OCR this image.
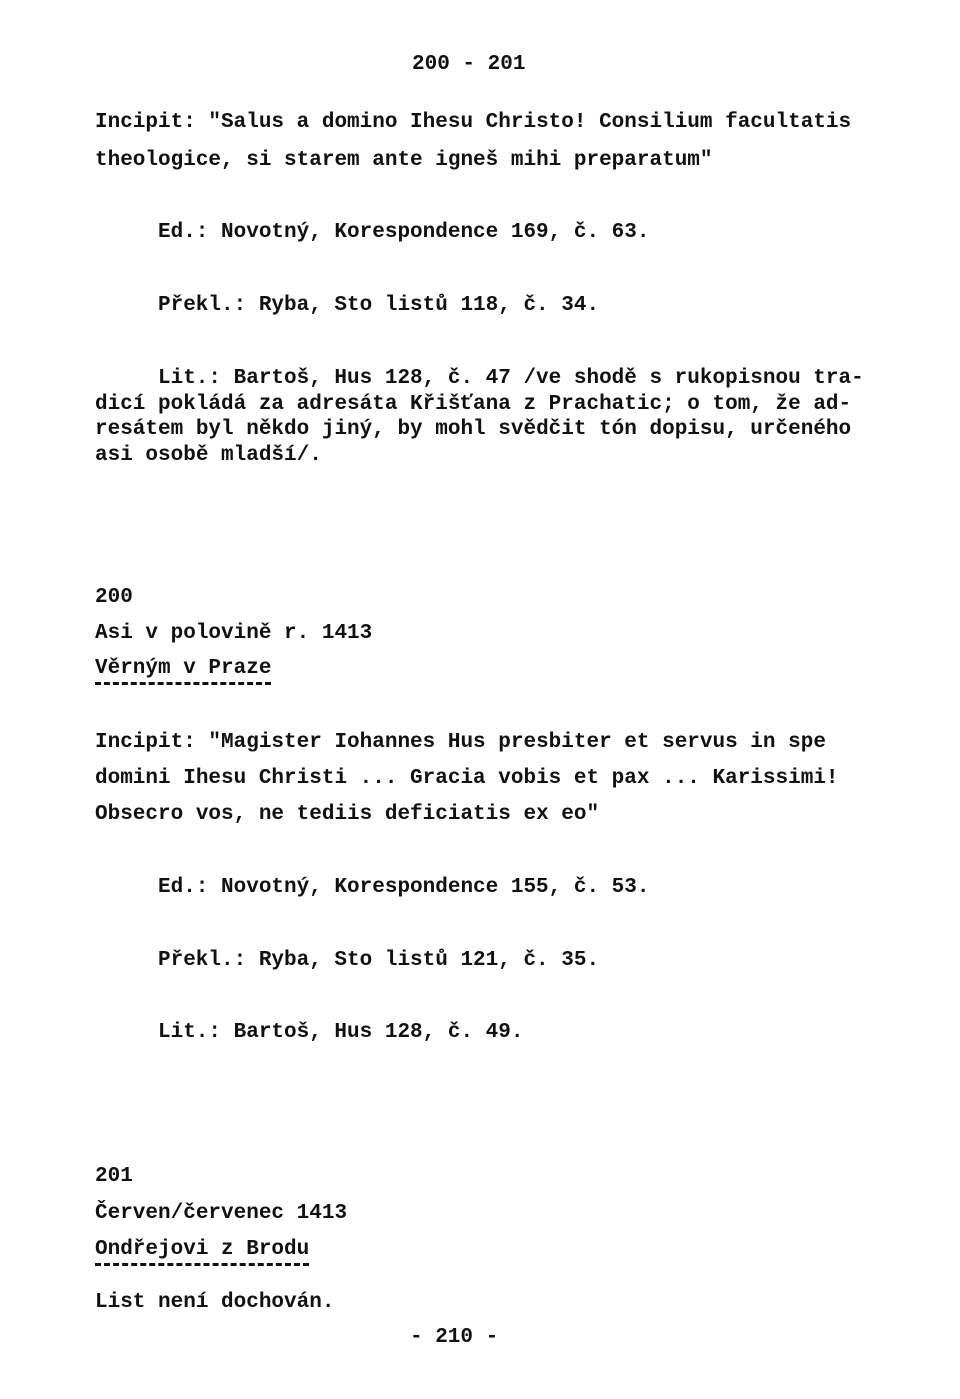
200 - 201
Incipit: "Salus a domino Ihesu Christo! Consilium facultatis
theologice, si starem ante igneš mihi preparatum"
Ed.: Novotný, Korespondence 169, č. 63.
Překl.: Ryba, Sto listů 118, č. 34.
Lit.: Bartoš, Hus 128, č. 47 /ve shodě s rukopisnou tra-
dicí pokládá za adresáta Křišťana z Prachatic; o tom, že ad-
resátem byl někdo jiný, by mohl svědčit tón dopisu, určeného
asi osobě mladší/.
200
Asi v polovině r. 1413
Věrným v Praze
Incipit: "Magister Iohannes Hus presbiter et servus in spe
domini Ihesu Christi ... Gracia vobis et pax ... Karissimi!
Obsecro vos, ne tediis deficiatis ex eo"
Ed.: Novotný, Korespondence 155, č. 53.
Překl.: Ryba, Sto listů 121, č. 35.
Lit.: Bartoš, Hus 128, č. 49.
201
Červen/červenec 1413
Ondřejovi z Brodu
List není dochován.
- 210 -
